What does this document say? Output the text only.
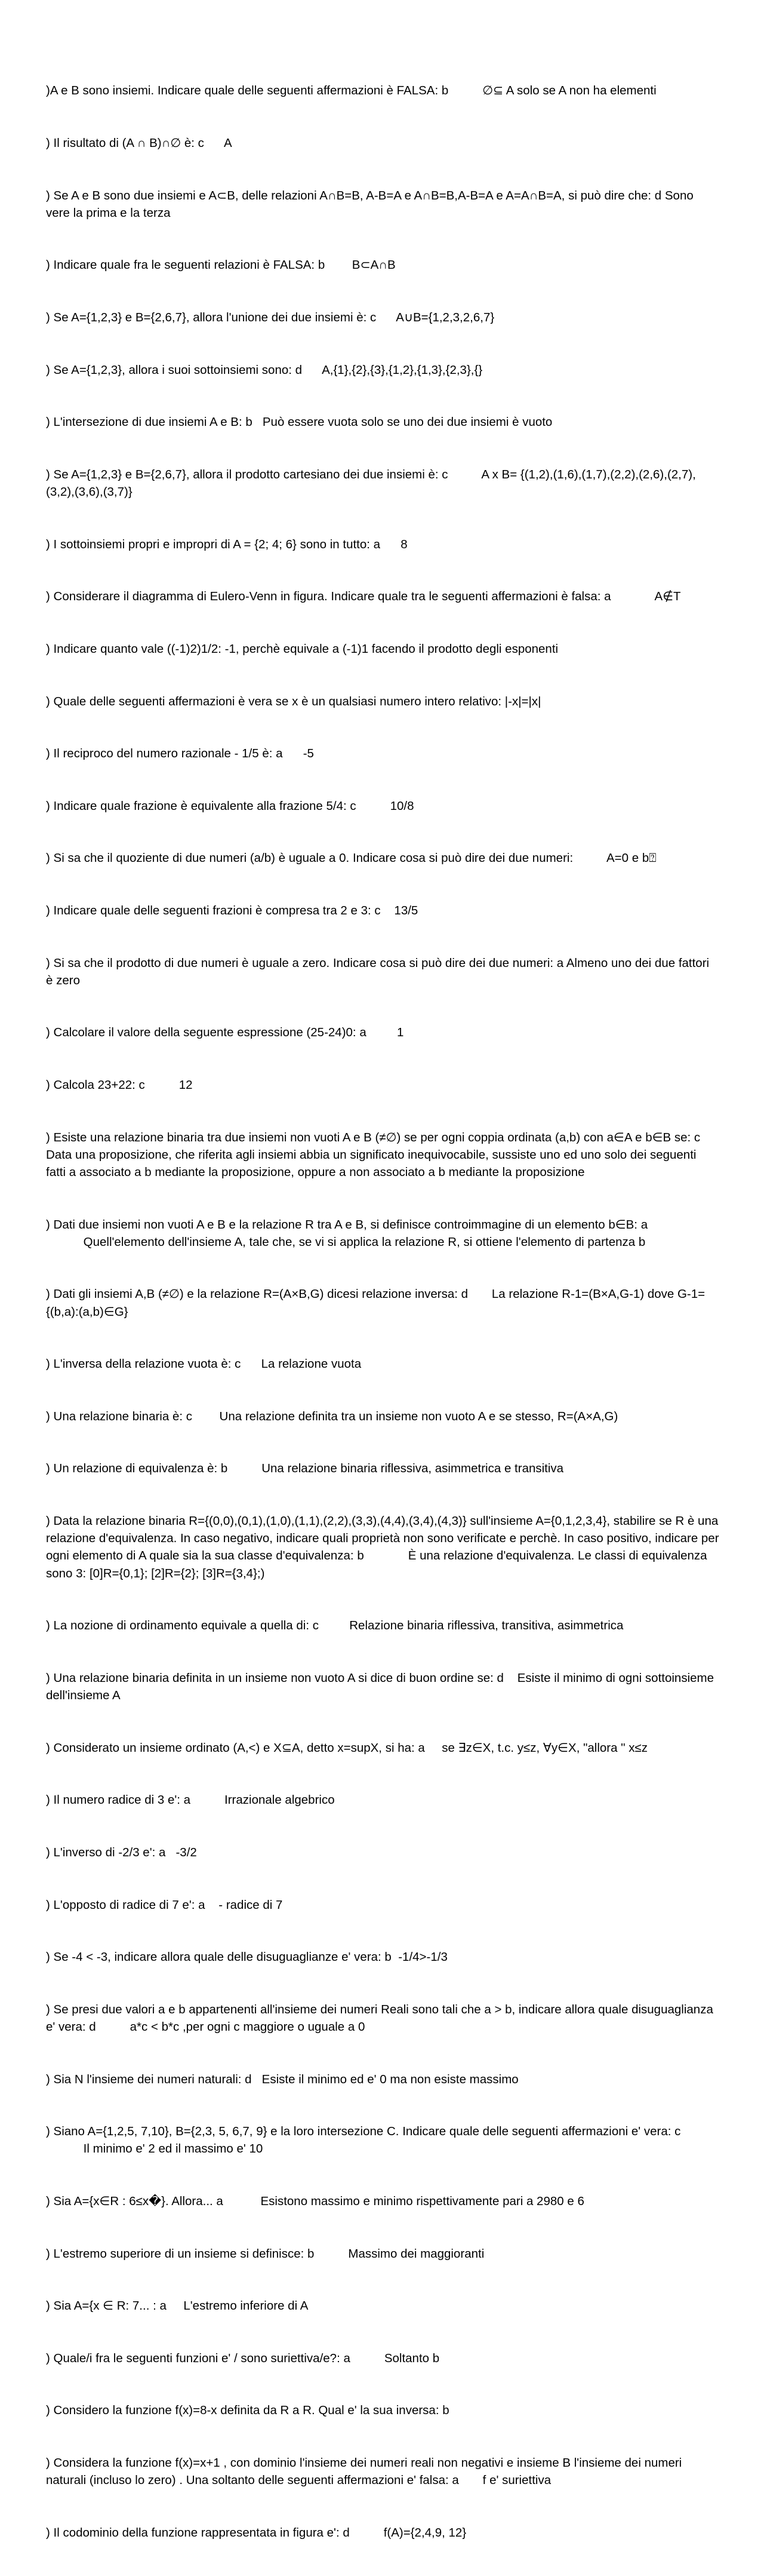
)A e B sono insiemi. Indicare quale delle seguenti affermazioni è FALSA: b          ∅⊆ A solo se A non ha elementi

) Il risultato di (A ∩ B)∩∅ è: c      A

) Se A e B sono due insiemi e A⊂B, delle relazioni A∩B=B, A-B=A e A∩B=B,A-B=A e A=A∩B=A, si può dire che: d Sono vere la prima e la terza

) Indicare quale fra le seguenti relazioni è FALSA: b        B⊂A∩B

) Se A={1,2,3} e B={2,6,7}, allora l'unione dei due insiemi è: c      A∪B={1,2,3,2,6,7}

) Se A={1,2,3}, allora i suoi sottoinsiemi sono: d      A,{1},{2},{3},{1,2},{1,3},{2,3},{}

) L'intersezione di due insiemi A e B: b   Può essere vuota solo se uno dei due insiemi è vuoto

) Se A={1,2,3} e B={2,6,7}, allora il prodotto cartesiano dei due insiemi è: c          A x B= {(1,2),(1,6),(1,7),(2,2),(2,6),(2,7),(3,2),(3,6),(3,7)}

) I sottoinsiemi propri e impropri di A = {2; 4; 6} sono in tutto: a      8

) Considerare il diagramma di Eulero-Venn in figura. Indicare quale tra le seguenti affermazioni è falsa: a             A∉T

) Indicare quanto vale ((-1)2)1/2: -1, perchè equivale a (-1)1 facendo il prodotto degli esponenti

) Quale delle seguenti affermazioni è vera se x è un qualsiasi numero intero relativo: |-x|=|x|

) Il reciproco del numero razionale - 1/5 è: a      -5

) Indicare quale frazione è equivalente alla frazione 5/4: c          10/8

) Si sa che il quoziente di due numeri (a/b) è uguale a 0. Indicare cosa si può dire dei due numeri:          A=0 e b⍰

) Indicare quale delle seguenti frazioni è compresa tra 2 e 3: c    13/5

) Si sa che il prodotto di due numeri è uguale a zero. Indicare cosa si può dire dei due numeri: a Almeno uno dei due fattori è zero

) Calcolare il valore della seguente espressione (25-24)0: a         1

) Calcola 23+22: c          12

) Esiste una relazione binaria tra due insiemi non vuoti A e B (≠∅) se per ogni coppia ordinata (a,b) con a∈A e b∈B se: c      Data una proposizione, che riferita agli insiemi abbia un significato inequivocabile, sussiste uno ed uno solo dei seguenti fatti a associato a b mediante la proposizione, oppure a non associato a b mediante la proposizione

) Dati due insiemi non vuoti A e B e la relazione R tra A e B, si definisce controimmagine di un elemento b∈B: a
Quell'elemento dell'insieme A, tale che, se vi si applica la relazione R, si ottiene l'elemento di partenza b

) Dati gli insiemi A,B (≠∅) e la relazione R=(A×B,G) dicesi relazione inversa: d       La relazione R-1=(B×A,G-1) dove G-1={(b,a):(a,b)∈G}

) L'inversa della relazione vuota è: c      La relazione vuota

) Una relazione binaria è: c        Una relazione definita tra un insieme non vuoto A e se stesso, R=(A×A,G)

) Un relazione di equivalenza è: b          Una relazione binaria riflessiva, asimmetrica e transitiva

) Data la relazione binaria R={(0,0),(0,1),(1,0),(1,1),(2,2),(3,3),(4,4),(3,4),(4,3)} sull'insieme A={0,1,2,3,4}, stabilire se R è una relazione d'equivalenza. In caso negativo, indicare quali proprietà non sono verificate e perchè. In caso positivo, indicare per ogni elemento di A quale sia la sua classe d'equivalenza: b             È una relazione d'equivalenza. Le classi di equivalenza sono 3: [0]R={0,1}; [2]R={2}; [3]R={3,4};)

) La nozione di ordinamento equivale a quella di: c         Relazione binaria riflessiva, transitiva, asimmetrica

) Una relazione binaria definita in un insieme non vuoto A si dice di buon ordine se: d    Esiste il minimo di ogni sottoinsieme dell'insieme A

) Considerato un insieme ordinato (A,<) e X⊆A, detto x=supX, si ha: a     se ∃z∈X, t.c. y≤z, ∀y∈X, "allora " x≤z

) Il numero radice di 3 e': a          Irrazionale algebrico

) L'inverso di -2/3 e': a   -3/2

) L'opposto di radice di 7 e': a    - radice di 7

) Se -4 < -3, indicare allora quale delle disuguaglianze e' vera: b  -1/4>-1/3

) Se presi due valori a e b appartenenti all'insieme dei numeri Reali sono tali che a > b, indicare allora quale disuguaglianza e' vera: d          a*c < b*c ,per ogni c maggiore o uguale a 0

) Sia N l'insieme dei numeri naturali: d   Esiste il minimo ed e' 0 ma non esiste massimo

) Siano A={1,2,5, 7,10}, B={2,3, 5, 6,7, 9} e la loro intersezione C. Indicare quale delle seguenti affermazioni e' vera: c
Il minimo e' 2 ed il massimo e' 10

) Sia A={x∈R : 6≤x�}. Allora... a           Esistono massimo e minimo rispettivamente pari a 2980 e 6

) L'estremo superiore di un insieme si definisce: b          Massimo dei maggioranti

) Sia A={x ∈ R: 7... : a     L'estremo inferiore di A

) Quale/i fra le seguenti funzioni e' / sono suriettiva/e?: a          Soltanto b

) Considero la funzione f(x)=8-x definita da R a R. Qual e' la sua inversa: b

) Considera la funzione f(x)=x+1 , con dominio l'insieme dei numeri reali non negativi e insieme B l'insieme dei numeri naturali (incluso lo zero) . Una soltanto delle seguenti affermazioni e' falsa: a       f e' suriettiva

) Il codominio della funzione rappresentata in figura e': d          f(A)={2,4,9, 12}
